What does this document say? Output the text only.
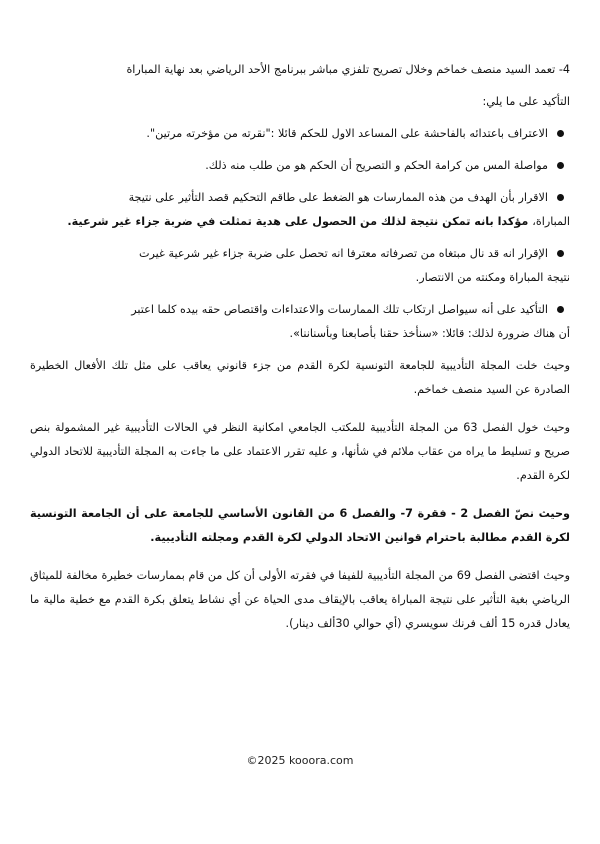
4- تعمد السيد منصف خماخم وخلال تصريح تلفزي مباشر ببرنامج الأحد الرياضي بعد نهاية المباراة

التأكيد على ما يلي:

الاعتراف باعتدائه بالفاحشة على المساعد الاول للحكم قائلا :"نقرته من مؤخرته مرتين".
مواصلة المس من كرامة الحكم و التصريح أن الحكم هو من طلب منه ذلك.
الاقرار بأن الهدف من هذه الممارسات هو الضغط على طاقم التحكيم قصد التأثير على نتيجة
المباراة، مؤكدا بانه تمكن نتيجة لذلك من الحصول على هدية تمثلت في ضربة جزاء غير شرعية.
الإقرار انه قد نال مبتغاه من تصرفاته معترفا انه تحصل على ضربة جزاء غير شرعية غيرت
نتيجة المباراة ومكنته من الانتصار.
التأكيد على أنه سيواصل ارتكاب تلك الممارسات والاعتداءات واقتصاص حقه بيده كلما اعتبر
أن هناك ضرورة لذلك: قائلا: «سنأخذ حقنا بأصابعنا وبأسناننا».

وحيث خلت المجلة التأديبية للجامعة التونسية لكرة القدم من جزء قانوني يعاقب على مثل تلك الأفعال الخطيرة الصادرة عن السيد منصف خماخم.

وحيث خول الفصل 63 من المجلة التأديبية للمكتب الجامعي امكانية النظر في الحالات التأديبية غير المشمولة بنص صريح و تسليط ما يراه من عقاب ملائم في شأنها، و عليه تقرر الاعتماد على ما جاءت به المجلة التأديبية للاتحاد الدولي لكرة القدم.

وحيث نصّ الفصل 2 - فقرة 7- والفصل 6 من القانون الأساسي للجامعة على أن الجامعة التونسية لكرة القدم مطالبة باحترام قوانين الاتحاد الدولي لكرة القدم ومجلته التأديبية.

وحيث اقتضى الفصل 69 من المجلة التأديبية للفيفا في فقرته الأولى أن كل من قام بممارسات خطيرة مخالفة للميثاق الرياضي بغية التأثير على نتيجة المباراة يعاقب بالإيقاف مدى الحياة عن أي نشاط يتعلق بكرة القدم مع خطية مالية ما يعادل قدره 15 ألف فرنك سويسري (أي حوالي 30ألف دينار).

©2025 kooora.com
